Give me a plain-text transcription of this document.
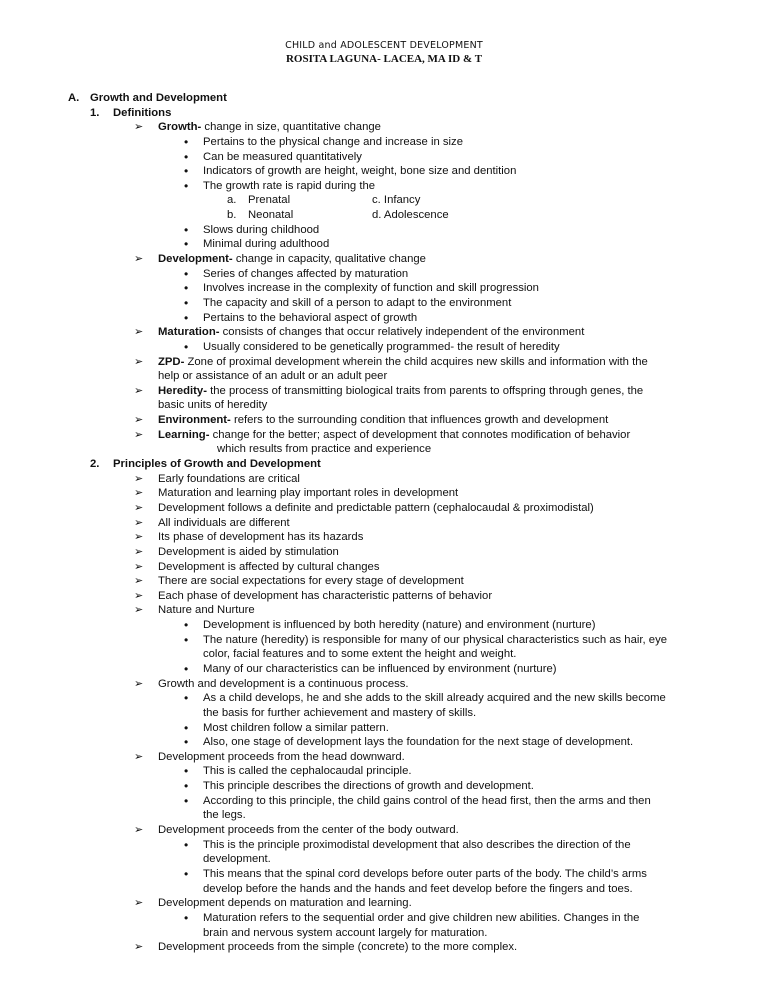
CHILD and ADOLESCENT DEVELOPMENT
ROSITA LAGUNA- LACEA, MA ID & T
A. Growth and Development
1. Definitions
➢ Growth- change in size, quantitative change
• Pertains to the physical change and increase in size
• Can be measured quantitatively
• Indicators of growth are height, weight, bone size and dentition
• The growth rate is rapid during the
a. Prenatal	c. Infancy
b. Neonatal	d. Adolescence
• Slows during childhood
• Minimal during adulthood
➢ Development- change in capacity, qualitative change
• Series of changes affected by maturation
• Involves increase in the complexity of function and skill progression
• The capacity and skill of a person to adapt to the environment
• Pertains to the behavioral aspect of growth
➢ Maturation- consists of changes that occur relatively independent of the environment
• Usually considered to be genetically programmed- the result of heredity
➢ ZPD- Zone of proximal development wherein the child acquires new skills and information with the
help or assistance of an adult or an adult peer
➢ Heredity- the process of transmitting biological traits from parents to offspring through genes, the
basic units of heredity
➢ Environment- refers to the surrounding condition that influences growth and development
➢ Learning- change for the better; aspect of development that connotes modification of behavior
which results from practice and experience
2. Principles of Growth and Development
➢ Early foundations are critical
➢ Maturation and learning play important roles in development
➢ Development follows a definite and predictable pattern (cephalocaudal & proximodistal)
➢ All individuals are different
➢ Its phase of development has its hazards
➢ Development is aided by stimulation
➢ Development is affected by cultural changes
➢ There are social expectations for every stage of development
➢ Each phase of development has characteristic patterns of behavior
➢ Nature and Nurture
• Development is influenced by both heredity (nature) and environment (nurture)
• The nature (heredity) is responsible for many of our physical characteristics such as hair, eye
color, facial features and to some extent the height and weight.
• Many of our characteristics can be influenced by environment (nurture)
➢ Growth and development is a continuous process.
• As a child develops, he and she adds to the skill already acquired and the new skills become
the basis for further achievement and mastery of skills.
• Most children follow a similar pattern.
• Also, one stage of development lays the foundation for the next stage of development.
➢ Development proceeds from the head downward.
• This is called the cephalocaudal principle.
• This principle describes the directions of growth and development.
• According to this principle, the child gains control of the head first, then the arms and then
the legs.
➢ Development proceeds from the center of the body outward.
• This is the principle proximodistal development that also describes the direction of the
development.
• This means that the spinal cord develops before outer parts of the body. The child’s arms
develop before the hands and the hands and feet develop before the fingers and toes.
➢ Development depends on maturation and learning.
• Maturation refers to the sequential order and give children new abilities. Changes in the
brain and nervous system account largely for maturation.
➢ Development proceeds from the simple (concrete) to the more complex.
